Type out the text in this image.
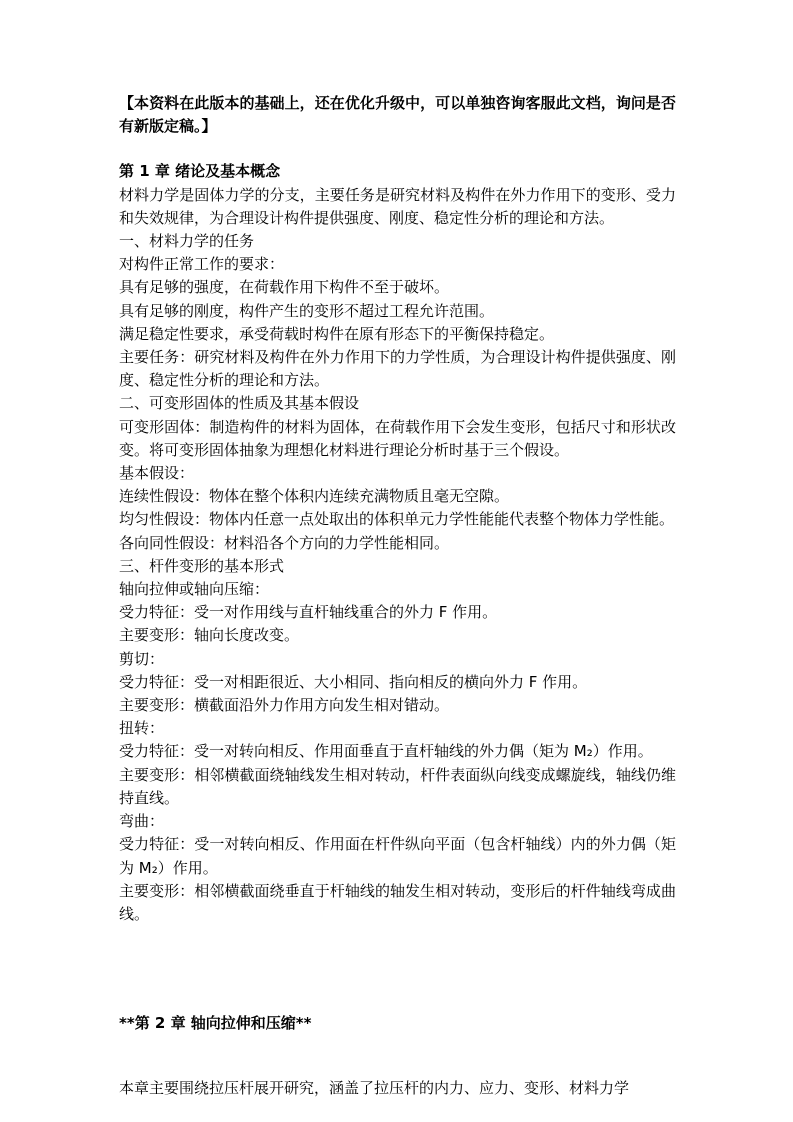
【本资料在此版本的基础上，还在优化升级中，可以单独咨询客服此文档，询问是否有新版定稿。】
第 1 章 绪论及基本概念
材料力学是固体力学的分支，主要任务是研究材料及构件在外力作用下的变形、受力和失效规律，为合理设计构件提供强度、刚度、稳定性分析的理论和方法。
一、材料力学的任务
对构件正常工作的要求：
具有足够的强度，在荷载作用下构件不至于破坏。
具有足够的刚度，构件产生的变形不超过工程允许范围。
满足稳定性要求，承受荷载时构件在原有形态下的平衡保持稳定。
主要任务：研究材料及构件在外力作用下的力学性质，为合理设计构件提供强度、刚度、稳定性分析的理论和方法。
二、可变形固体的性质及其基本假设
可变形固体：制造构件的材料为固体，在荷载作用下会发生变形，包括尺寸和形状改变。将可变形固体抽象为理想化材料进行理论分析时基于三个假设。
基本假设：
连续性假设：物体在整个体积内连续充满物质且毫无空隙。
均匀性假设：物体内任意一点处取出的体积单元力学性能能代表整个物体力学性能。
各向同性假设：材料沿各个方向的力学性能相同。
三、杆件变形的基本形式
轴向拉伸或轴向压缩：
受力特征：受一对作用线与直杆轴线重合的外力 F 作用。
主要变形：轴向长度改变。
剪切：
受力特征：受一对相距很近、大小相同、指向相反的横向外力 F 作用。
主要变形：横截面沿外力作用方向发生相对错动。
扭转：
受力特征：受一对转向相反、作用面垂直于直杆轴线的外力偶（矩为 M₂）作用。
主要变形：相邻横截面绕轴线发生相对转动，杆件表面纵向线变成螺旋线，轴线仍维持直线。
弯曲：
受力特征：受一对转向相反、作用面在杆件纵向平面（包含杆轴线）内的外力偶（矩为 M₂）作用。
主要变形：相邻横截面绕垂直于杆轴线的轴发生相对转动，变形后的杆件轴线弯成曲线。
**第 2 章 轴向拉伸和压缩**
本章主要围绕拉压杆展开研究，涵盖了拉压杆的内力、应力、变形、材料力学
